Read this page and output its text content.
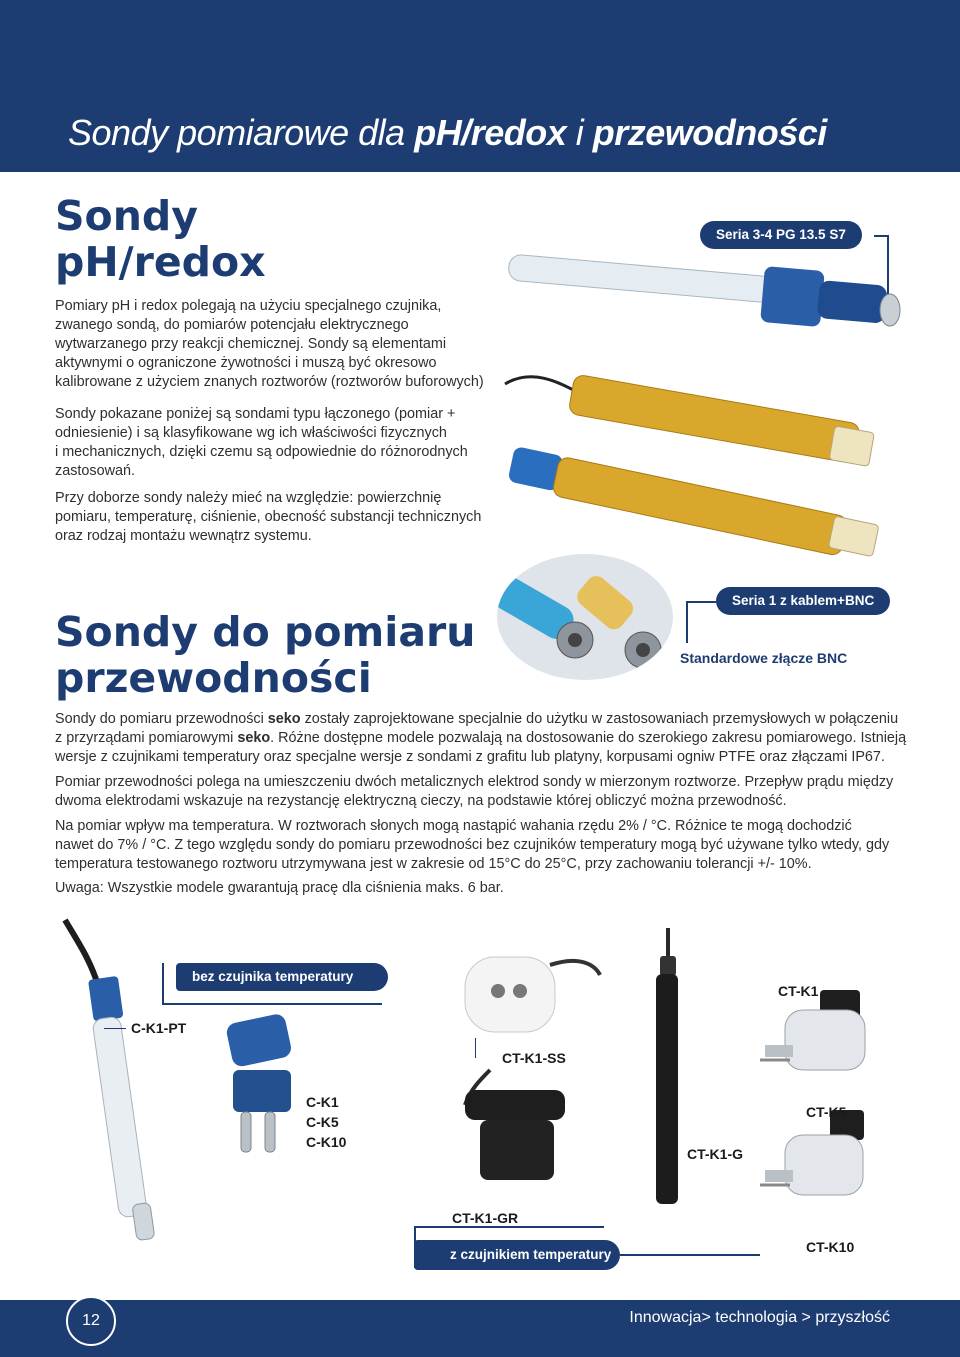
Sondy pomiarowe dla pH/redox i przewodności
Sondy
pH/redox
Pomiary pH i redox polegają na użyciu specjalnego czujnika,
zwanego sondą, do pomiarów potencjału elektrycznego
wytwarzanego przy reakcji chemicznej. Sondy są elementami
aktywnymi o ograniczone żywotności i muszą być okresowo
kalibrowane z użyciem znanych roztworów (roztworów buforowych)
Sondy pokazane poniżej są sondami typu łączonego (pomiar +
odniesienie) i są klasyfikowane wg ich właściwości fizycznych
i mechanicznych, dzięki czemu są odpowiednie do różnorodnych
zastosowań.
Przy doborze sondy należy mieć na względzie: powierzchnię
pomiaru, temperaturę, ciśnienie, obecność substancji technicznych
oraz rodzaj montażu wewnątrz systemu.
Seria 3-4 PG 13.5 S7
Sondy do pomiaru
przewodności
Seria 1 z kablem+BNC
Standardowe złącze BNC
Sondy do pomiaru przewodności seko zostały zaprojektowane specjalnie do użytku w zastosowaniach przemysłowych w połączeniu
z przyrządami pomiarowymi seko. Różne dostępne modele pozwalają na dostosowanie do szerokiego zakresu pomiarowego. Istnieją
wersje z czujnikami temperatury oraz specjalne wersje z sondami z grafitu lub platyny, korpusami ogniw PTFE oraz złączami IP67.
Pomiar przewodności polega na umieszczeniu dwóch metalicznych elektrod sondy w mierzonym roztworze. Przepływ prądu między
dwoma elektrodami wskazuje na rezystancję elektryczną cieczy, na podstawie której obliczyć można przewodność.
Na pomiar wpływ ma temperatura. W roztworach słonych mogą nastąpić wahania rzędu 2% / °C. Różnice te mogą dochodzić
nawet do 7% / °C. Z tego względu sondy do pomiaru przewodności bez czujników temperatury mogą być używane tylko wtedy, gdy
temperatura testowanego roztworu utrzymywana jest w zakresie od 15°C do 25°C, przy zachowaniu tolerancji +/- 10%.
Uwaga: Wszystkie modele gwarantują pracę dla ciśnienia maks. 6 bar.
C-K1-PT
bez czujnika temperatury
C-K1
C-K5
C-K10
CT-K1-SS
CT-K1-GR
CT-K1-G
CT-K1
CT-K5
CT-K10
z czujnikiem temperatury
12	Innowacja> technologia > przyszłość
